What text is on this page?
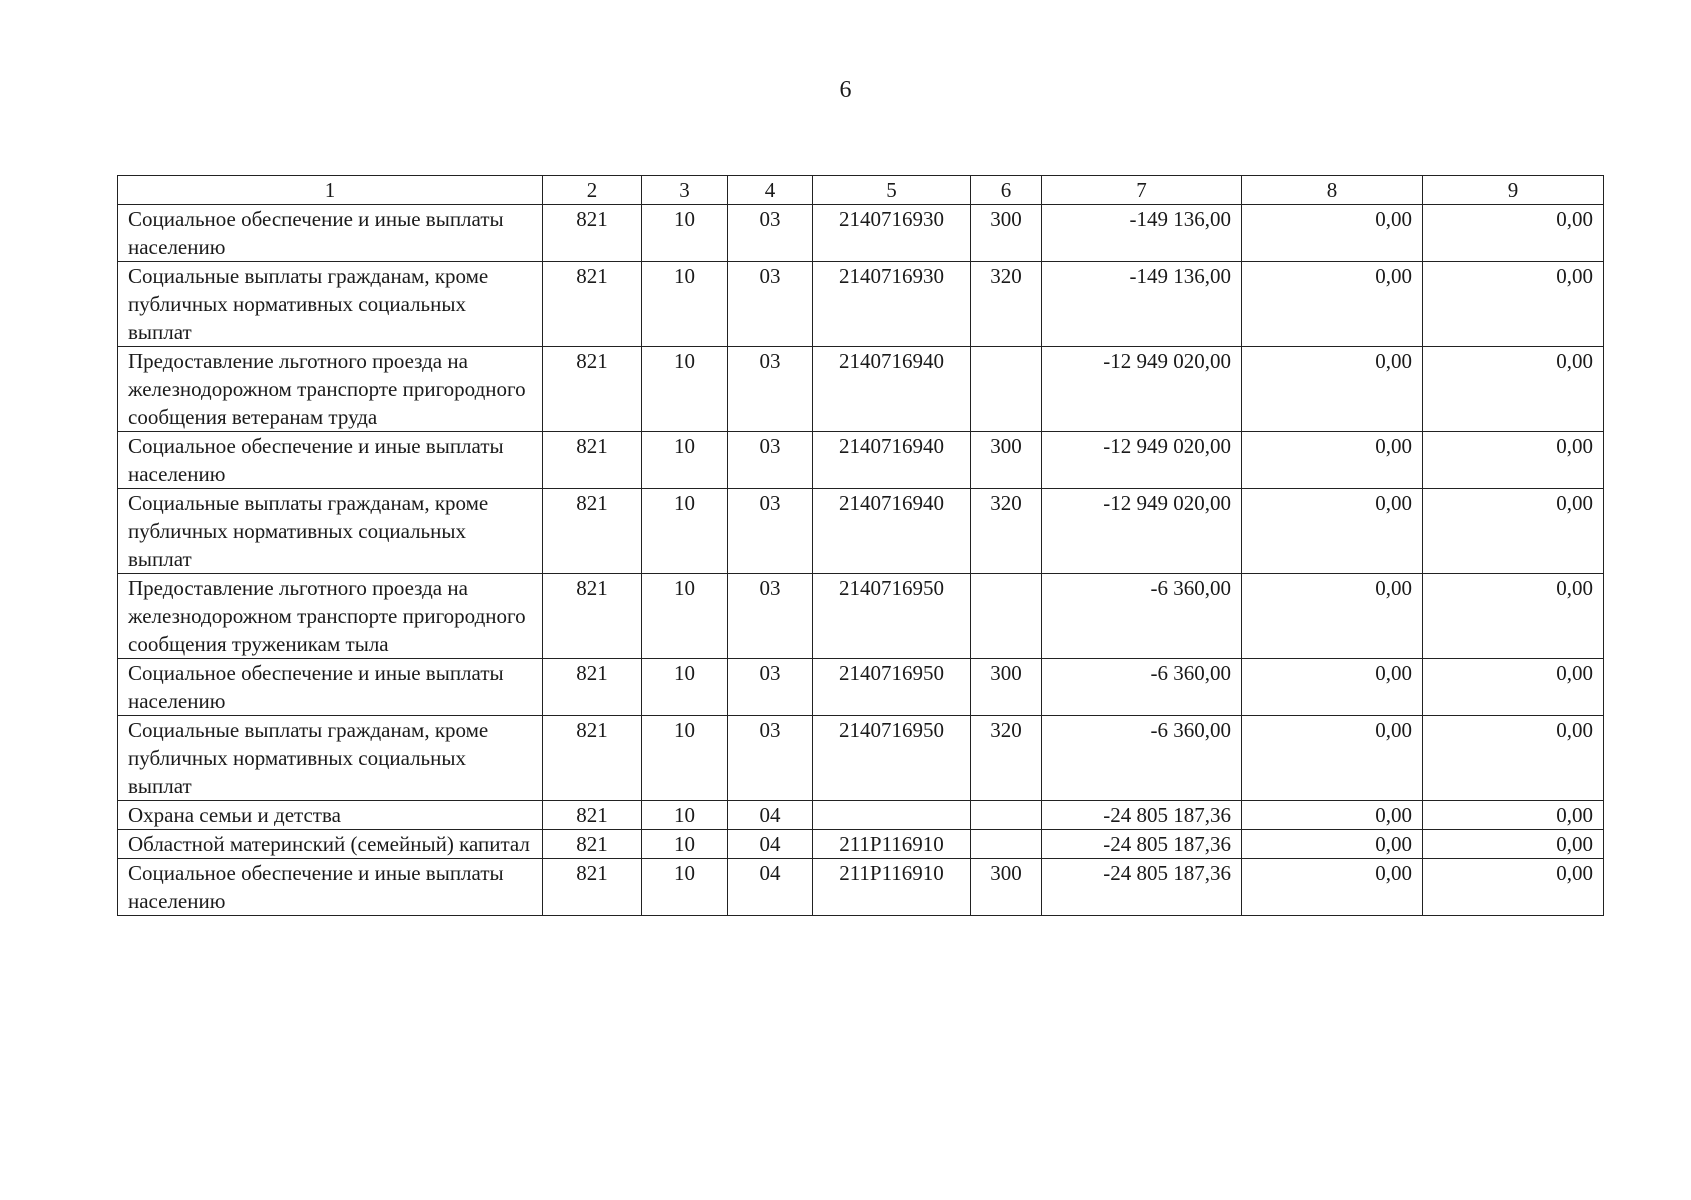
6
1	2	3	4	5	6	7	8	9
Социальное обеспечение и иные выплаты населению	821	10	03	2140716930	300	-149 136,00	0,00	0,00
Социальные выплаты гражданам, кроме публичных нормативных социальных выплат	821	10	03	2140716930	320	-149 136,00	0,00	0,00
Предоставление льготного проезда на железнодорожном транспорте пригородного сообщения ветеранам труда	821	10	03	2140716940		-12 949 020,00	0,00	0,00
Социальное обеспечение и иные выплаты населению	821	10	03	2140716940	300	-12 949 020,00	0,00	0,00
Социальные выплаты гражданам, кроме публичных нормативных социальных выплат	821	10	03	2140716940	320	-12 949 020,00	0,00	0,00
Предоставление льготного проезда на железнодорожном транспорте пригородного сообщения труженикам тыла	821	10	03	2140716950		-6 360,00	0,00	0,00
Социальное обеспечение и иные выплаты населению	821	10	03	2140716950	300	-6 360,00	0,00	0,00
Социальные выплаты гражданам, кроме публичных нормативных социальных выплат	821	10	03	2140716950	320	-6 360,00	0,00	0,00
Охрана семьи и детства	821	10	04			-24 805 187,36	0,00	0,00
Областной материнский (семейный) капитал	821	10	04	211P116910		-24 805 187,36	0,00	0,00
Социальное обеспечение и иные выплаты населению	821	10	04	211P116910	300	-24 805 187,36	0,00	0,00
